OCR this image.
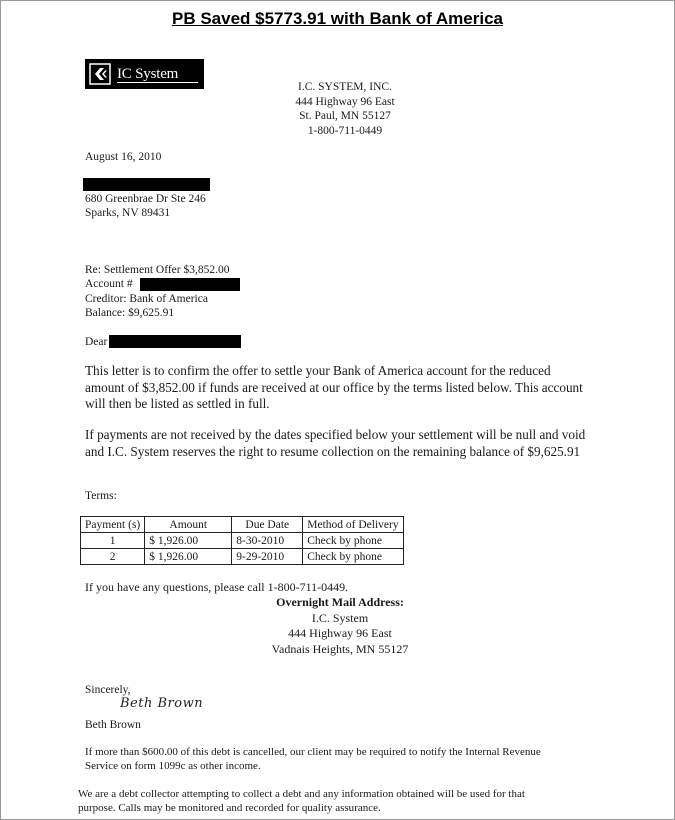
PB Saved $5773.91 with Bank of America
IC System
I.C. SYSTEM, INC.
444 Highway 96 East
St. Paul, MN 55127
1-800-711-0449
August 16, 2010
680 Greenbrae Dr Ste 246
Sparks, NV 89431
Re: Settlement Offer $3,852.00
Account #
Creditor: Bank of America
Balance: $9,625.91
Dear
This letter is to confirm the offer to settle your Bank of America account for the reduced amount of $3,852.00 if funds are received at our office by the terms listed below. This account will then be listed as settled in full.
If payments are not received by the dates specified below your settlement will be null and void and I.C. System reserves the right to resume collection on the remaining balance of $9,625.91
Terms:
Payment (s)	Amount	Due Date	Method of Delivery
1	$ 1,926.00	8-30-2010	Check by phone
2	$ 1,926.00	9-29-2010	Check by phone
If you have any questions, please call 1-800-711-0449.
Overnight Mail Address:
I.C. System
444 Highway 96 East
Vadnais Heights, MN 55127
Sincerely,
Beth Brown
Beth Brown
If more than $600.00 of this debt is cancelled, our client may be required to notify the Internal Revenue Service on form 1099c as other income.
We are a debt collector attempting to collect a debt and any information obtained will be used for that purpose. Calls may be monitored and recorded for quality assurance.
